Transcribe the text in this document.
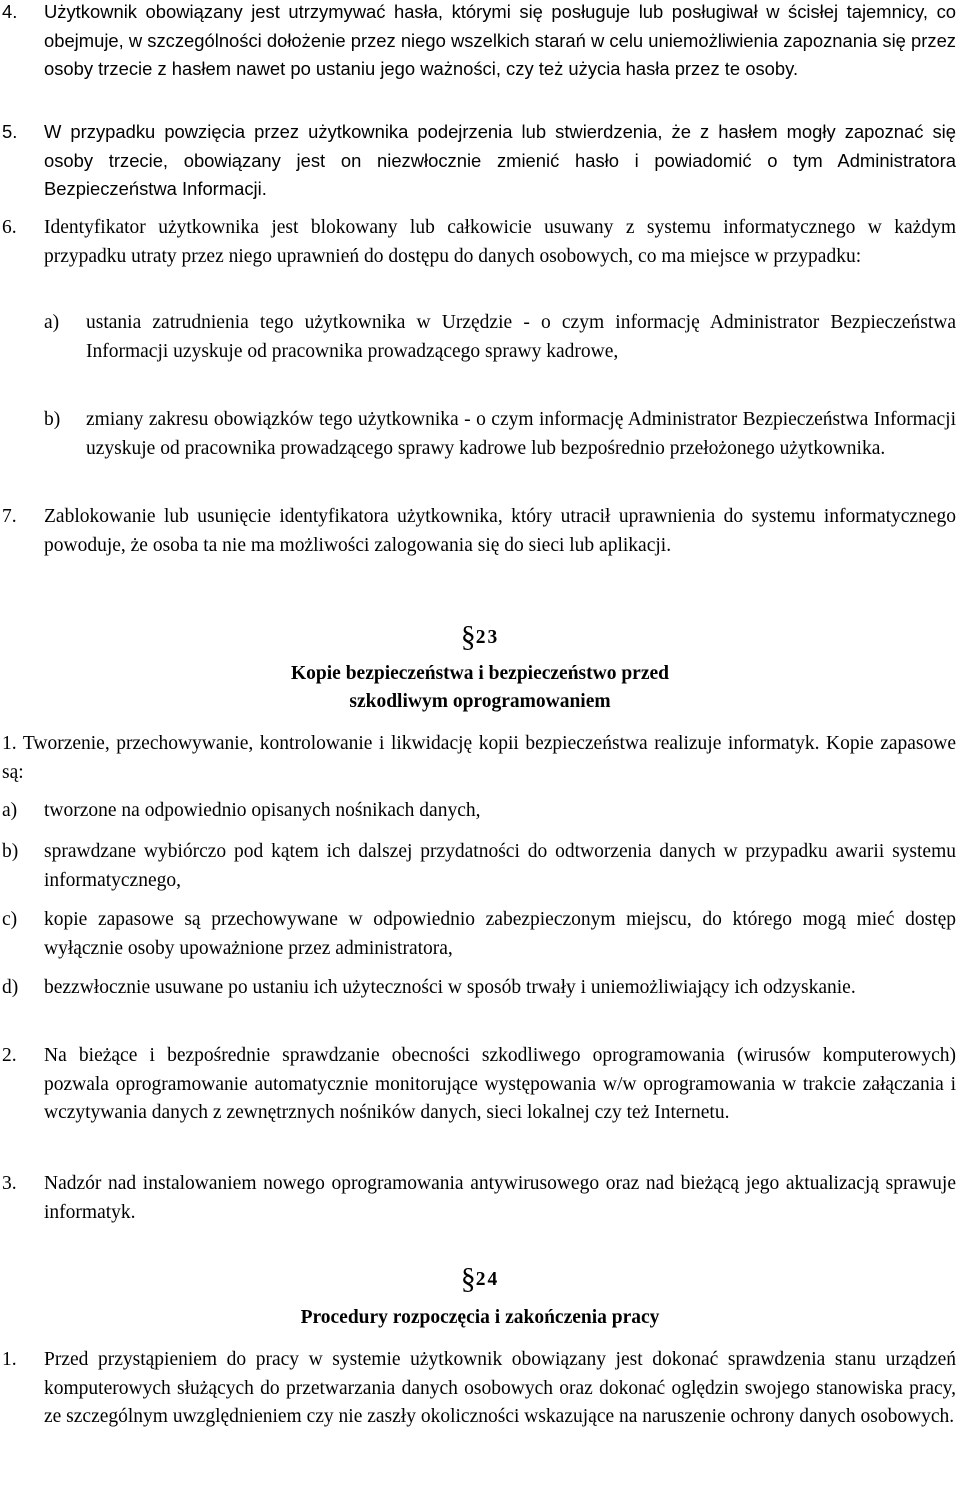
4. Użytkownik obowiązany jest utrzymywać hasła, którymi się posługuje lub posługiwał w ścisłej tajemnicy, co obejmuje, w szczególności dołożenie przez niego wszelkich starań w celu uniemożliwienia zapoznania się przez osoby trzecie z hasłem nawet po ustaniu jego ważności, czy też użycia hasła przez te osoby.
5. W przypadku powzięcia przez użytkownika podejrzenia lub stwierdzenia, że z hasłem mogły zapoznać się osoby trzecie, obowiązany jest on niezwłocznie zmienić hasło i powiadomić o tym Administratora Bezpieczeństwa Informacji.
6. Identyfikator użytkownika jest blokowany lub całkowicie usuwany z systemu informatycznego w każdym przypadku utraty przez niego uprawnień do dostępu do danych osobowych, co ma miejsce w przypadku:
a) ustania zatrudnienia tego użytkownika w Urzędzie - o czym informację Administrator Bezpieczeństwa Informacji uzyskuje od pracownika prowadzącego sprawy kadrowe,
b) zmiany zakresu obowiązków tego użytkownika - o czym informację Administrator Bezpieczeństwa Informacji uzyskuje od pracownika prowadzącego sprawy kadrowe lub bezpośrednio przełożonego użytkownika.
7. Zablokowanie lub usunięcie identyfikatora użytkownika, który utracił uprawnienia do systemu informatycznego powoduje, że osoba ta nie ma możliwości zalogowania się do sieci lub aplikacji.
§23
Kopie bezpieczeństwa i bezpieczeństwo przed
szkodliwym oprogramowaniem
1. Tworzenie, przechowywanie, kontrolowanie i likwidację kopii bezpieczeństwa realizuje informatyk. Kopie zapasowe są:
a) tworzone na odpowiednio opisanych nośnikach danych,
b) sprawdzane wybiórczo pod kątem ich dalszej przydatności do odtworzenia danych w przypadku awarii systemu informatycznego,
c) kopie zapasowe są przechowywane w odpowiednio zabezpieczonym miejscu, do którego mogą mieć dostęp wyłącznie osoby upoważnione przez administratora,
d) bezzwłocznie usuwane po ustaniu ich użyteczności w sposób trwały i uniemożliwiający ich odzyskanie.
2. Na bieżące i bezpośrednie sprawdzanie obecności szkodliwego oprogramowania (wirusów komputerowych) pozwala oprogramowanie automatycznie monitorujące występowania w/w oprogramowania w trakcie załączania i wczytywania danych z zewnętrznych nośników danych, sieci lokalnej czy też Internetu.
3. Nadzór nad instalowaniem nowego oprogramowania antywirusowego oraz nad bieżącą jego aktualizacją sprawuje informatyk.
§24
Procedury rozpoczęcia i zakończenia pracy
1. Przed przystąpieniem do pracy w systemie użytkownik obowiązany jest dokonać sprawdzenia stanu urządzeń komputerowych służących do przetwarzania danych osobowych oraz dokonać oględzin swojego stanowiska pracy, ze szczególnym uwzględnieniem czy nie zaszły okoliczności wskazujące na naruszenie ochrony danych osobowych.
